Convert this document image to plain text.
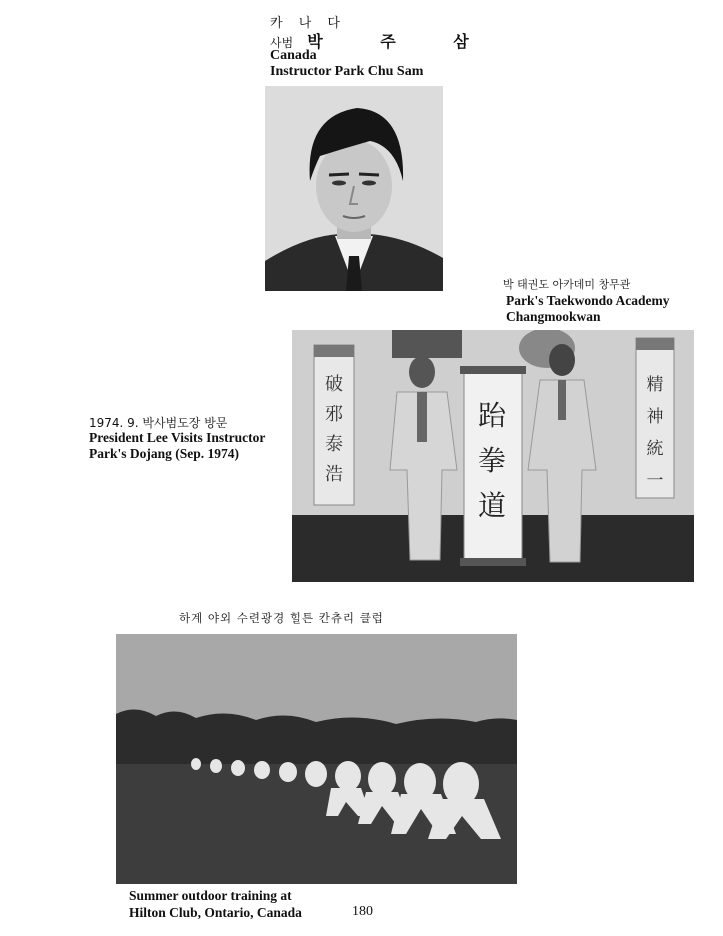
카 나 다
사범 박 주 삼
Canada
Instructor Park Chu Sam
박 태권도 아카데미 창무관
Park's Taekwondo Academy
Changmookwan
破
邪
泰
浩
精
神
統
一
跆
拳
道
1974. 9. 박사범도장 방문
President Lee Visits Instructor
Park's Dojang (Sep. 1974)
하계 야외 수련광경 힐튼 칸츄리 클럽
Summer outdoor training at
Hilton Club, Ontario, Canada	180
